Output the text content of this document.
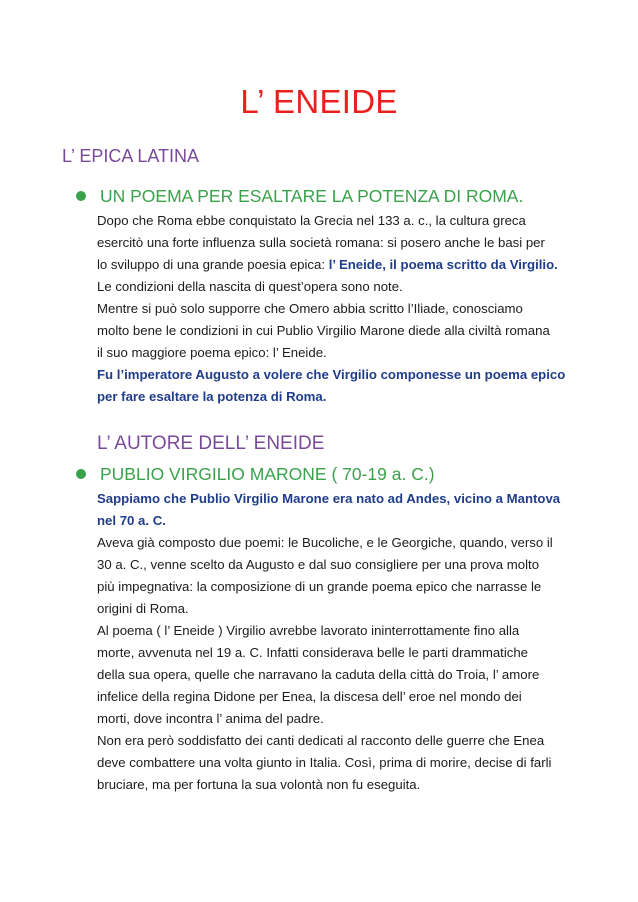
L’ ENEIDE
L’ EPICA LATINA
UN POEMA PER ESALTARE LA POTENZA DI ROMA.
Dopo che Roma ebbe conquistato la Grecia nel 133 a. c., la cultura greca
esercitò una forte influenza sulla società romana: si posero anche le basi per
lo sviluppo di una grande poesia epica: l’ Eneide, il poema scritto da Virgilio.
Le condizioni della nascita di quest’opera sono note.
Mentre si può solo supporre che Omero abbia scritto l’Iliade, conosciamo
molto bene le condizioni in cui Publio Virgilio Marone diede alla civiltà romana
il suo maggiore poema epico: l’ Eneide.
Fu l’imperatore Augusto a volere che Virgilio componesse un poema epico
per fare esaltare la potenza di Roma.
L’ AUTORE DELL’ ENEIDE
PUBLIO VIRGILIO MARONE ( 70-19 a. C.)
Sappiamo che Publio Virgilio Marone era nato ad Andes, vicino a Mantova
nel 70 a. C.
Aveva già composto due poemi: le Bucoliche, e le Georgiche, quando, verso il
30 a. C., venne scelto da Augusto e dal suo consigliere per una prova molto
più impegnativa: la composizione di un grande poema epico che narrasse le
origini di Roma.
Al poema ( l’ Eneide ) Virgilio avrebbe lavorato ininterrottamente fino alla
morte, avvenuta nel 19 a. C. Infatti considerava belle le parti drammatiche
della sua opera, quelle che narravano la caduta della città do Troia, l’ amore
infelice della regina Didone per Enea, la discesa dell’ eroe nel mondo dei
morti, dove incontra l’ anima del padre.
Non era però soddisfatto dei canti dedicati al racconto delle guerre che Enea
deve combattere una volta giunto in Italia. Così, prima di morire, decise di farli
bruciare, ma per fortuna la sua volontà non fu eseguita.
